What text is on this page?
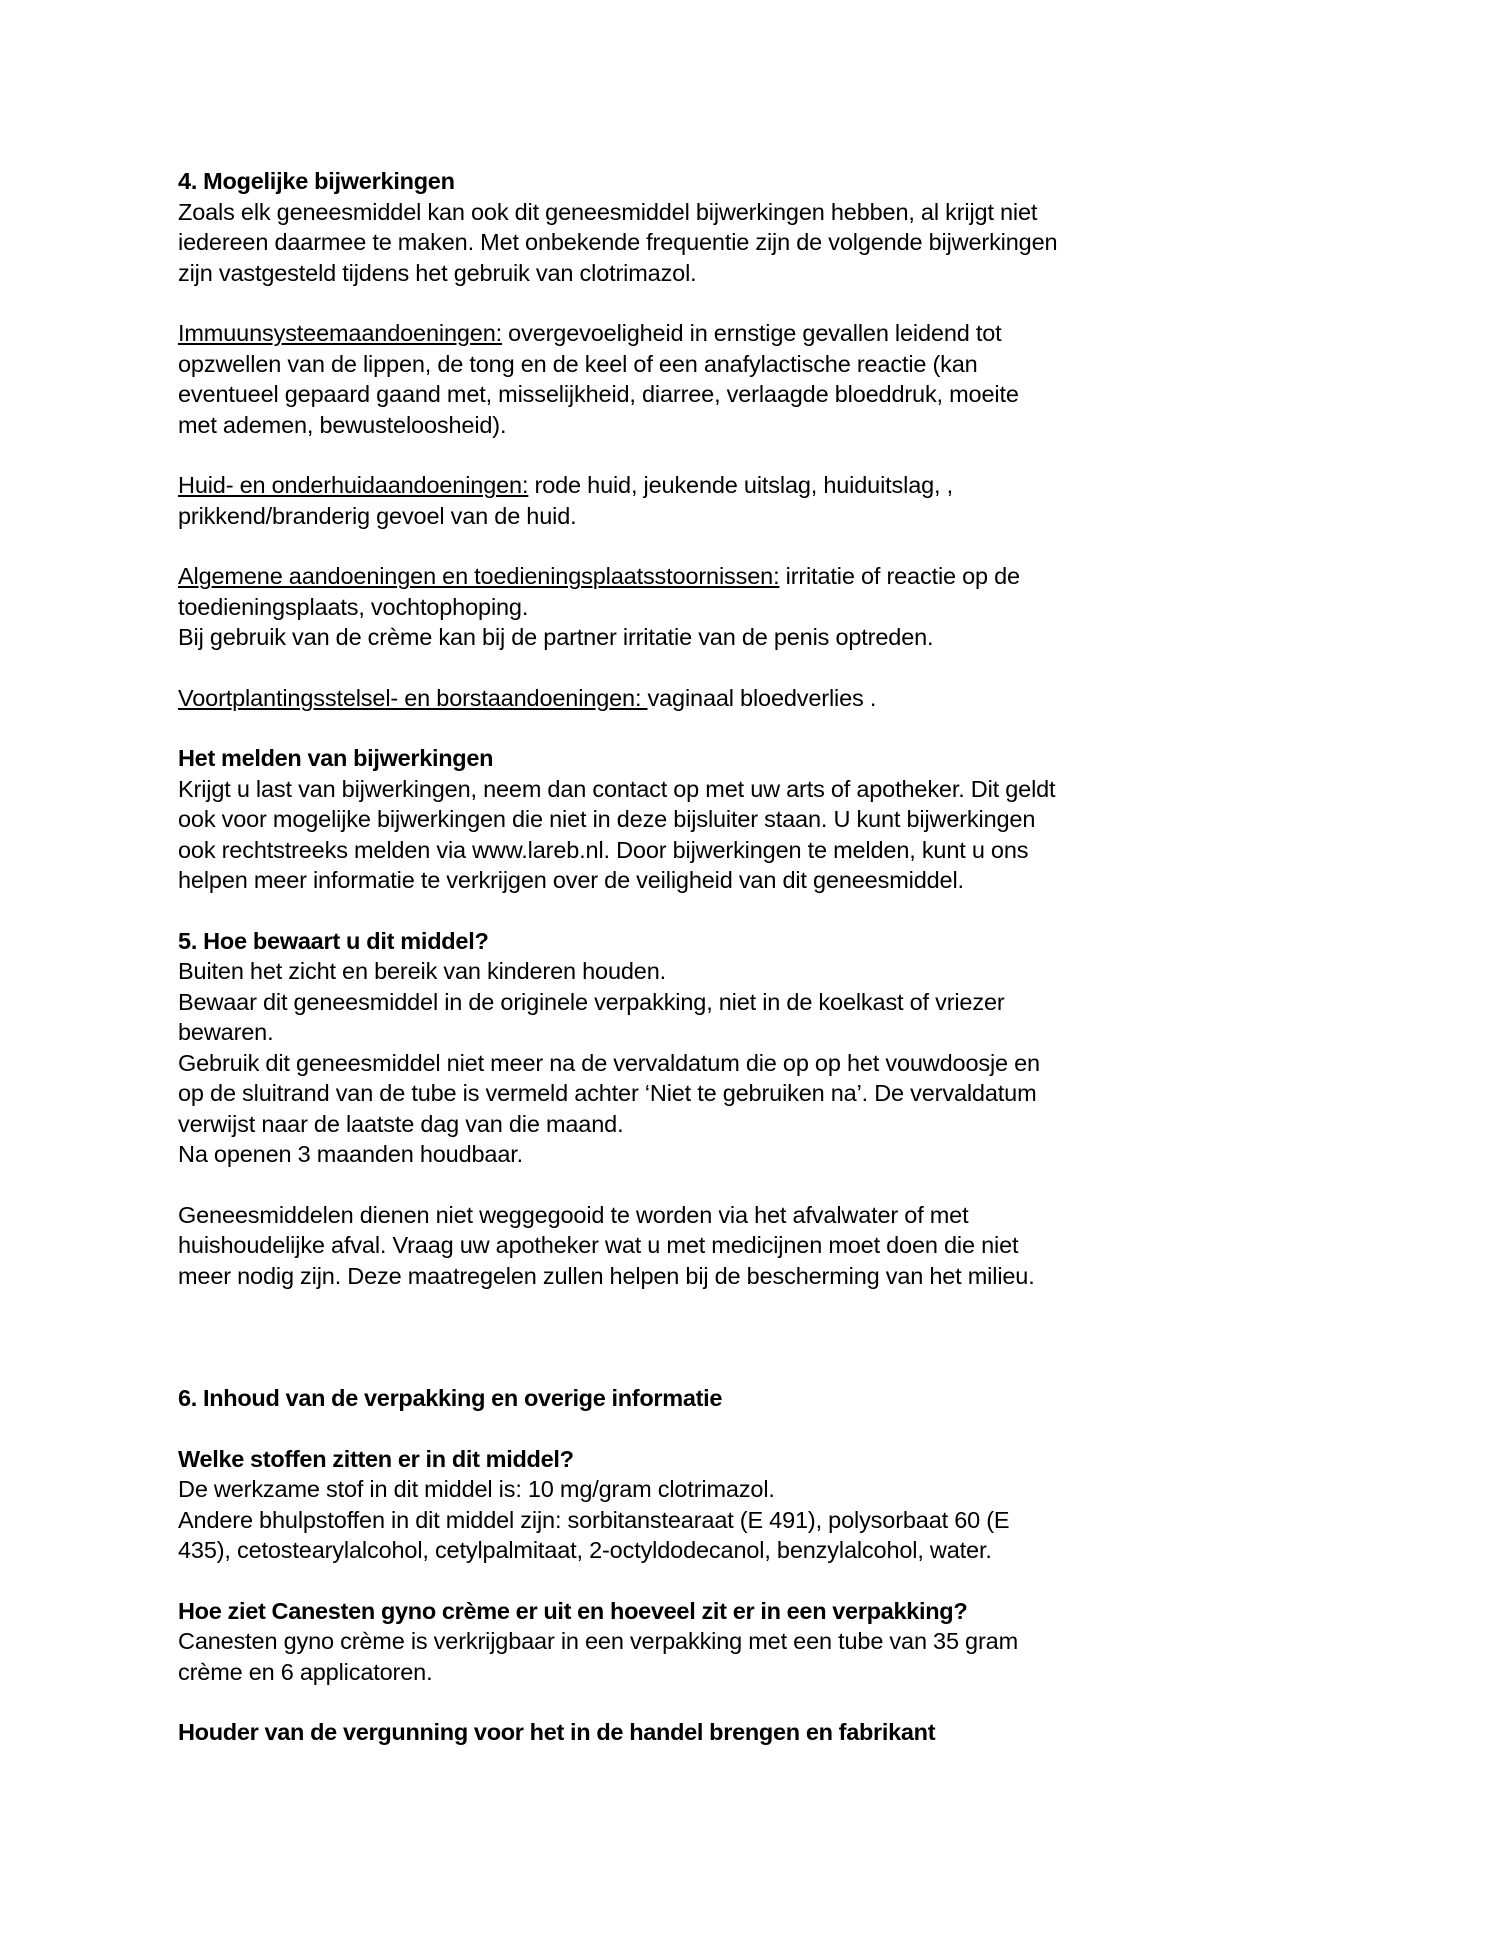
4. Mogelijke bijwerkingen
Zoals elk geneesmiddel kan ook dit geneesmiddel bijwerkingen hebben, al krijgt niet iedereen daarmee te maken. Met onbekende frequentie zijn de volgende bijwerkingen zijn vastgesteld tijdens het gebruik van clotrimazol.
Immuunsysteemaandoeningen: overgevoeligheid in ernstige gevallen leidend tot opzwellen van de lippen, de tong en de keel of een anafylactische reactie (kan eventueel gepaard gaand met, misselijkheid, diarree, verlaagde bloeddruk, moeite met ademen, bewusteloosheid).
Huid- en onderhuidaandoeningen: rode huid, jeukende uitslag, huiduitslag, , prikkend/branderig gevoel van de huid.
Algemene aandoeningen en toedieningsplaatsstoornissen: irritatie of reactie op de toedieningsplaats, vochtophoping.
Bij gebruik van de crème kan bij de partner irritatie van de penis optreden.
Voortplantingsstelsel- en borstaandoeningen: vaginaal bloedverlies .
Het melden van bijwerkingen
Krijgt u last van bijwerkingen, neem dan contact op met uw arts of apotheker. Dit geldt ook voor mogelijke bijwerkingen die niet in deze bijsluiter staan. U kunt bijwerkingen ook rechtstreeks melden via www.lareb.nl. Door bijwerkingen te melden, kunt u ons helpen meer informatie te verkrijgen over de veiligheid van dit geneesmiddel.
5. Hoe bewaart u dit middel?
Buiten het zicht en bereik van kinderen houden.
Bewaar dit geneesmiddel in de originele verpakking, niet in de koelkast of vriezer bewaren.
Gebruik dit geneesmiddel niet meer na de vervaldatum die op op het vouwdoosje en op de sluitrand van de tube is vermeld achter ‘Niet te gebruiken na’. De vervaldatum verwijst naar de laatste dag van die maand.
Na openen 3 maanden houdbaar.
Geneesmiddelen dienen niet weggegooid te worden via het afvalwater of met huishoudelijke afval. Vraag uw apotheker wat u met medicijnen moet doen die niet meer nodig zijn. Deze maatregelen zullen helpen bij de bescherming van het milieu.
6. Inhoud van de verpakking en overige informatie
Welke stoffen zitten er in dit middel?
De werkzame stof in dit middel is: 10 mg/gram clotrimazol.
Andere bhulpstoffen in dit middel zijn: sorbitanstearaat (E 491), polysorbaat 60 (E 435), cetostearylalcohol, cetylpalmitaat, 2-octyldodecanol, benzylalcohol, water.
Hoe ziet Canesten gyno crème er uit en hoeveel zit er in een verpakking?
Canesten gyno crème is verkrijgbaar in een verpakking met een tube van 35 gram crème en 6 applicatoren.
Houder van de vergunning voor het in de handel brengen en fabrikant
